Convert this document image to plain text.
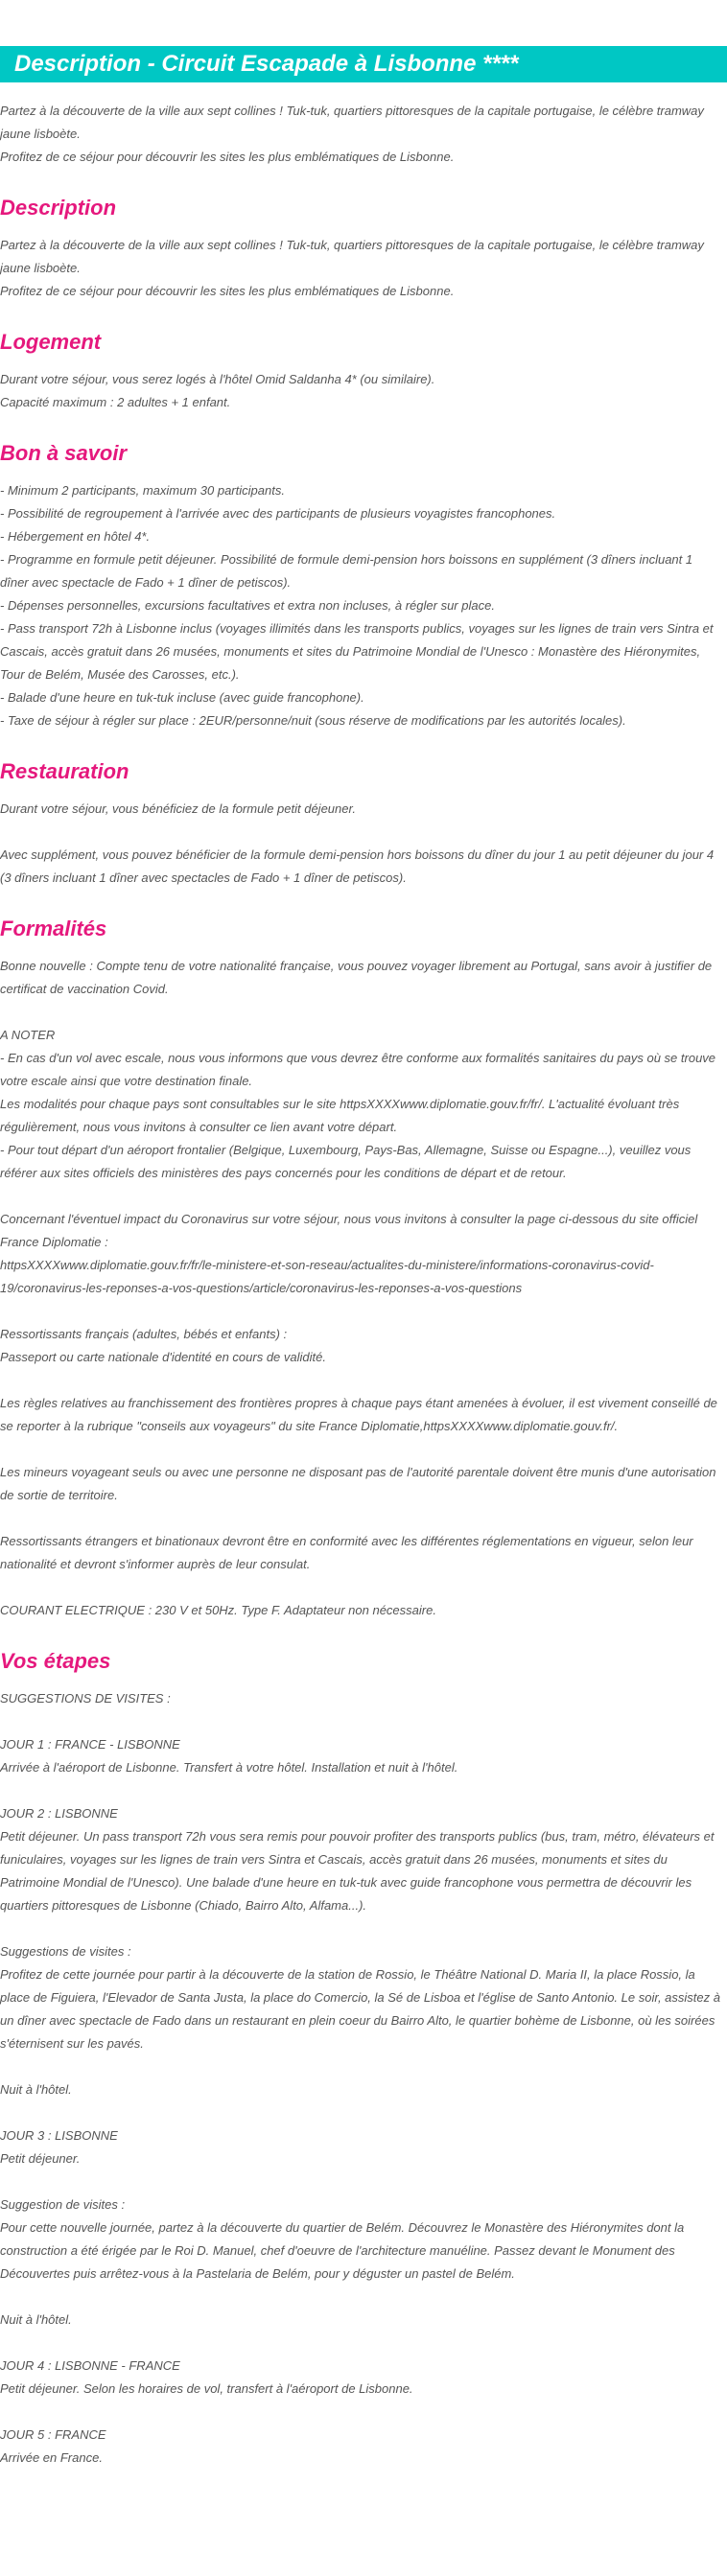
Description - Circuit Escapade à Lisbonne ****

Partez à la découverte de la ville aux sept collines ! Tuk-tuk, quartiers pittoresques de la capitale portugaise, le célèbre tramway jaune lisboète.
Profitez de ce séjour pour découvrir les sites les plus emblématiques de Lisbonne.

Description

Partez à la découverte de la ville aux sept collines ! Tuk-tuk, quartiers pittoresques de la capitale portugaise, le célèbre tramway jaune lisboète.
Profitez de ce séjour pour découvrir les sites les plus emblématiques de Lisbonne.

Logement

Durant votre séjour, vous serez logés à l'hôtel Omid Saldanha 4* (ou similaire).
Capacité maximum : 2 adultes + 1 enfant.

Bon à savoir

- Minimum 2 participants, maximum 30 participants.
- Possibilité de regroupement à l'arrivée avec des participants de plusieurs voyagistes francophones.
- Hébergement en hôtel 4*.
- Programme en formule petit déjeuner. Possibilité de formule demi-pension hors boissons en supplément (3 dîners incluant 1 dîner avec spectacle de Fado + 1 dîner de petiscos).
- Dépenses personnelles, excursions facultatives et extra non incluses, à régler sur place.
- Pass transport 72h à Lisbonne inclus (voyages illimités dans les transports publics, voyages sur les lignes de train vers Sintra et Cascais, accès gratuit dans 26 musées, monuments et sites du Patrimoine Mondial de l'Unesco : Monastère des Hiéronymites, Tour de Belém, Musée des Carosses, etc.).
- Balade d'une heure en tuk-tuk incluse (avec guide francophone).
- Taxe de séjour à régler sur place : 2EUR/personne/nuit (sous réserve de modifications par les autorités locales).

Restauration

Durant votre séjour, vous bénéficiez de la formule petit déjeuner.

Avec supplément, vous pouvez bénéficier de la formule demi-pension hors boissons du dîner du jour 1 au petit déjeuner du jour 4 (3 dîners incluant 1 dîner avec spectacles de Fado + 1 dîner de petiscos).

Formalités

Bonne nouvelle : Compte tenu de votre nationalité française, vous pouvez voyager librement au Portugal, sans avoir à justifier de certificat de vaccination Covid.

A NOTER
- En cas d'un vol avec escale, nous vous informons que vous devrez être conforme aux formalités sanitaires du pays où se trouve votre escale ainsi que votre destination finale.
Les modalités pour chaque pays sont consultables sur le site httpsXXXXwww.diplomatie.gouv.fr/fr/. L'actualité évoluant très régulièrement, nous vous invitons à consulter ce lien avant votre départ.
- Pour tout départ d'un aéroport frontalier (Belgique, Luxembourg, Pays-Bas, Allemagne, Suisse ou Espagne...), veuillez vous référer aux sites officiels des ministères des pays concernés pour les conditions de départ et de retour.

Concernant l'éventuel impact du Coronavirus sur votre séjour, nous vous invitons à consulter la page ci-dessous du site officiel France Diplomatie :
httpsXXXXwww.diplomatie.gouv.fr/fr/le-ministere-et-son-reseau/actualites-du-ministere/informations-coronavirus-covid-19/coronavirus-les-reponses-a-vos-questions/article/coronavirus-les-reponses-a-vos-questions

Ressortissants français (adultes, bébés et enfants) :
Passeport ou carte nationale d'identité en cours de validité.

Les règles relatives au franchissement des frontières propres à chaque pays étant amenées à évoluer, il est vivement conseillé de se reporter à la rubrique "conseils aux voyageurs" du site France Diplomatie,httpsXXXXwww.diplomatie.gouv.fr/.

Les mineurs voyageant seuls ou avec une personne ne disposant pas de l'autorité parentale doivent être munis d'une autorisation de sortie de territoire.

Ressortissants étrangers et binationaux devront être en conformité avec les différentes réglementations en vigueur, selon leur nationalité et devront s'informer auprès de leur consulat.

COURANT ELECTRIQUE : 230 V et 50Hz. Type F. Adaptateur non nécessaire.

Vos étapes

SUGGESTIONS DE VISITES :

JOUR 1 : FRANCE - LISBONNE
Arrivée à l'aéroport de Lisbonne. Transfert à votre hôtel. Installation et nuit à l'hôtel.

JOUR 2 : LISBONNE
Petit déjeuner. Un pass transport 72h vous sera remis pour pouvoir profiter des transports publics (bus, tram, métro, élévateurs et funiculaires, voyages sur les lignes de train vers Sintra et Cascais, accès gratuit dans 26 musées, monuments et sites du Patrimoine Mondial de l'Unesco). Une balade d'une heure en tuk-tuk avec guide francophone vous permettra de découvrir les quartiers pittoresques de Lisbonne (Chiado, Bairro Alto, Alfama...).

Suggestions de visites :
Profitez de cette journée pour partir à la découverte de la station de Rossio, le Théâtre National D. Maria II, la place Rossio, la place de Figuiera, l'Elevador de Santa Justa, la place do Comercio, la Sé de Lisboa et l'église de Santo Antonio. Le soir, assistez à un dîner avec spectacle de Fado dans un restaurant en plein coeur du Bairro Alto, le quartier bohème de Lisbonne, où les soirées s'éternisent sur les pavés.

Nuit à l'hôtel.

JOUR 3 : LISBONNE
Petit déjeuner.

Suggestion de visites :
Pour cette nouvelle journée, partez à la découverte du quartier de Belém. Découvrez le Monastère des Hiéronymites dont la construction a été érigée par le Roi D. Manuel, chef d'oeuvre de l'architecture manuéline. Passez devant le Monument des Découvertes puis arrêtez-vous à la Pastelaria de Belém, pour y déguster un pastel de Belém.

Nuit à l'hôtel.

JOUR 4 : LISBONNE - FRANCE
Petit déjeuner. Selon les horaires de vol, transfert à l'aéroport de Lisbonne.

JOUR 5 : FRANCE
Arrivée en France.
